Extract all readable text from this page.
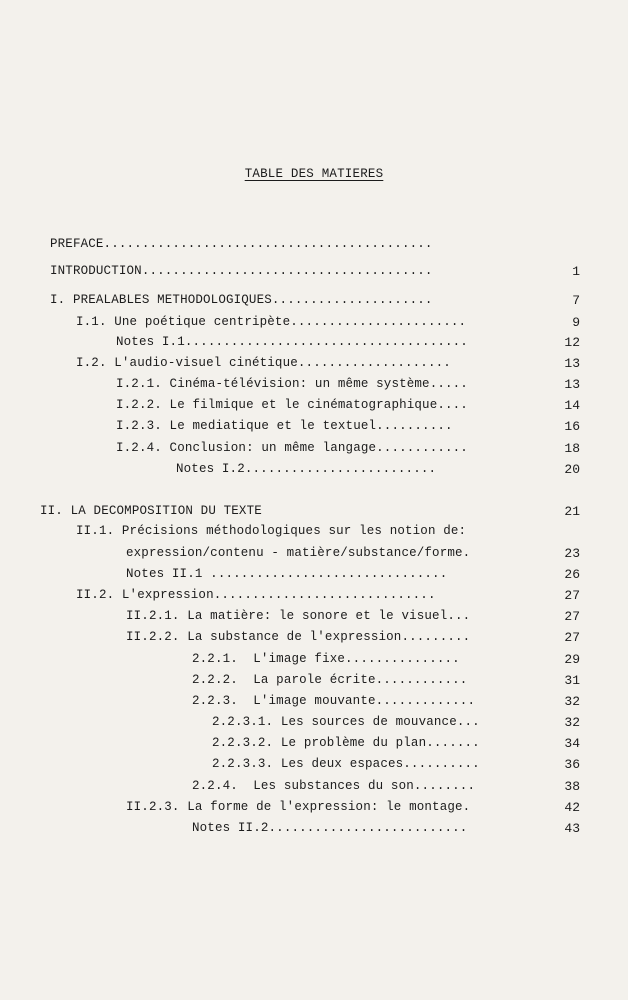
TABLE DES MATIERES
PREFACE...........................................
INTRODUCTION......................................	1
I. PREALABLES METHODOLOGIQUES.....................	7
I.1. Une poétique centripète.......................	9
Notes I.1.....................................	12
I.2. L'audio-visuel cinétique....................	13
I.2.1. Cinéma-télévision: un même système.....	13
I.2.2. Le filmique et le cinématographique....	14
I.2.3. Le mediatique et le textuel..........	16
I.2.4. Conclusion: un même langage............	18
Notes I.2.........................	20
II. LA DECOMPOSITION DU TEXTE	21
II.1. Précisions méthodologiques sur les notion de:
expression/contenu - matière/substance/forme.	23
Notes II.1 ...............................	26
II.2. L'expression.............................	27
II.2.1. La matière: le sonore et le visuel...	27
II.2.2. La substance de l'expression.........	27
2.2.1.  L'image fixe...............	29
2.2.2.  La parole écrite............	31
2.2.3.  L'image mouvante.............	32
2.2.3.1. Les sources de mouvance...	32
2.2.3.2. Le problème du plan.......	34
2.2.3.3. Les deux espaces..........	36
2.2.4.  Les substances du son........	38
II.2.3. La forme de l'expression: le montage.	42
Notes II.2..........................	43
